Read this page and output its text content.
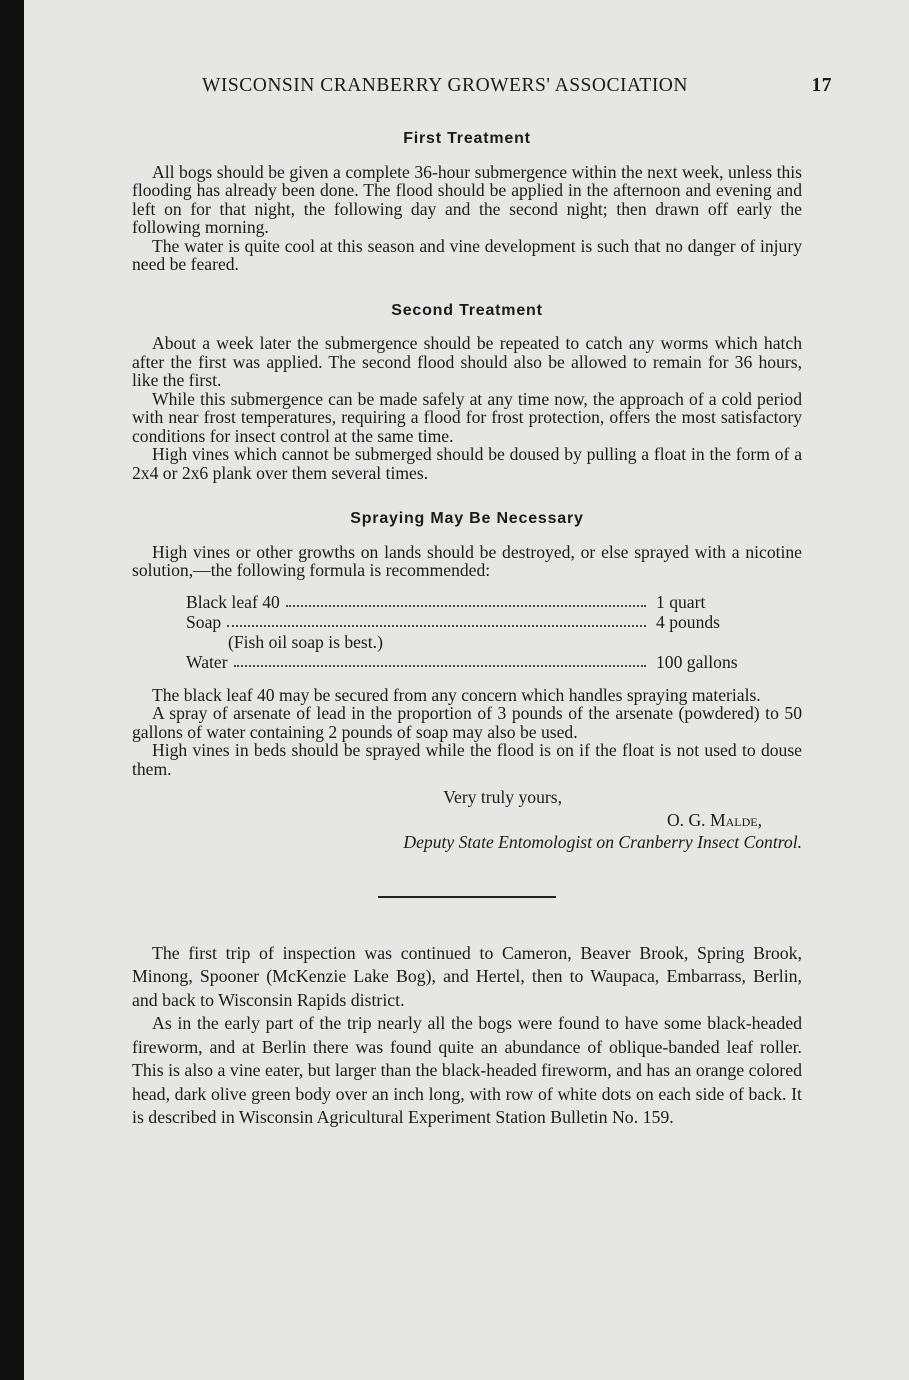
WISCONSIN CRANBERRY GROWERS' ASSOCIATION	17
First Treatment

All bogs should be given a complete 36-hour submergence within the next week, unless this flooding has already been done. The flood should be applied in the afternoon and evening and left on for that night, the following day and the second night; then drawn off early the following morning.

The water is quite cool at this season and vine development is such that no danger of injury need be feared.

Second Treatment

About a week later the submergence should be repeated to catch any worms which hatch after the first was applied. The second flood should also be allowed to remain for 36 hours, like the first.

While this submergence can be made safely at any time now, the approach of a cold period with near frost temperatures, requiring a flood for frost protection, offers the most satisfactory conditions for insect control at the same time.

High vines which cannot be submerged should be doused by pulling a float in the form of a 2x4 or 2x6 plank over them several times.

Spraying May Be Necessary

High vines or other growths on lands should be destroyed, or else sprayed with a nicotine solution,—the following formula is recommended:

Black leaf 40	1 quart
Soap	4 pounds
(Fish oil soap is best.)
Water	100 gallons

The black leaf 40 may be secured from any concern which handles spraying materials.

A spray of arsenate of lead in the proportion of 3 pounds of the arsenate (powdered) to 50 gallons of water containing 2 pounds of soap may also be used.

High vines in beds should be sprayed while the flood is on if the float is not used to douse them.

Very truly yours,
O. G. Malde,
Deputy State Entomologist on Cranberry Insect Control.

The first trip of inspection was continued to Cameron, Beaver Brook, Spring Brook, Minong, Spooner (McKenzie Lake Bog), and Hertel, then to Waupaca, Embarrass, Berlin, and back to Wisconsin Rapids district.

As in the early part of the trip nearly all the bogs were found to have some black-headed fireworm, and at Berlin there was found quite an abundance of oblique-banded leaf roller. This is also a vine eater, but larger than the black-headed fireworm, and has an orange colored head, dark olive green body over an inch long, with row of white dots on each side of back. It is described in Wisconsin Agricultural Experiment Station Bulletin No. 159.
